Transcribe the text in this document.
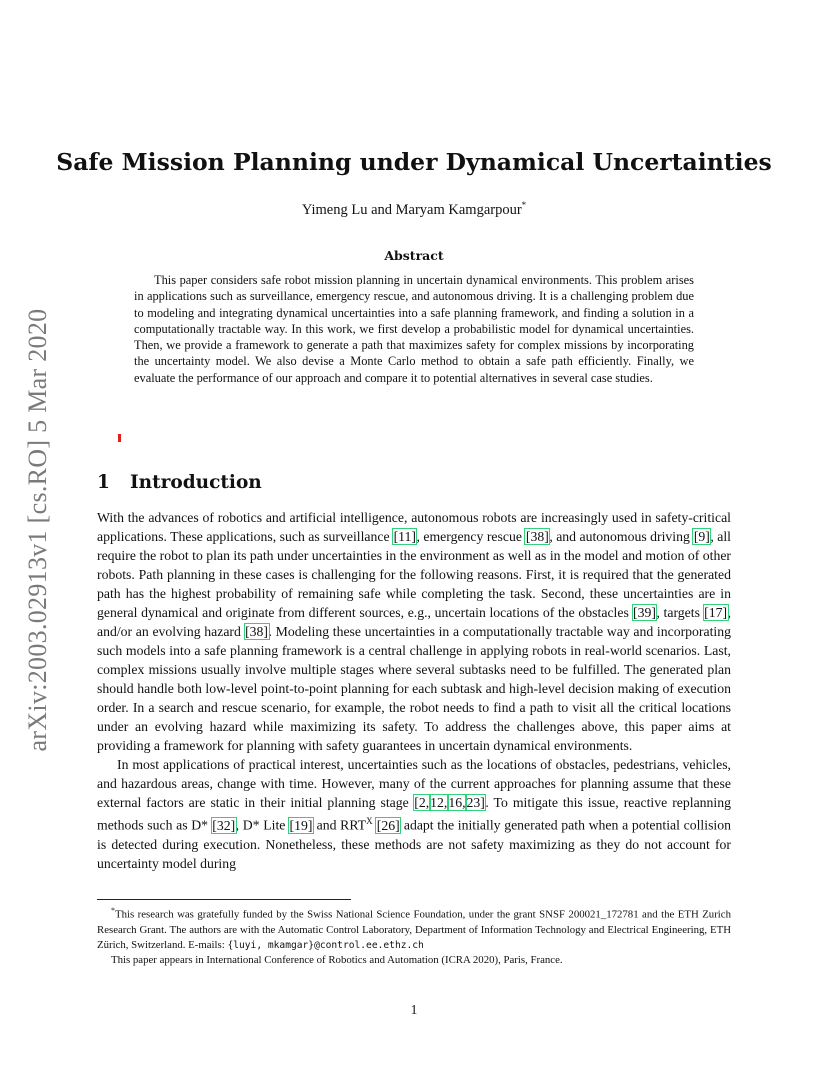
arXiv:2003.02913v1 [cs.RO] 5 Mar 2020
Safe Mission Planning under Dynamical Uncertainties
Yimeng Lu and Maryam Kamgarpour*
Abstract
This paper considers safe robot mission planning in uncertain dynamical environments. This problem arises in applications such as surveillance, emergency rescue, and autonomous driving. It is a challenging problem due to modeling and integrating dynamical uncertainties into a safe planning framework, and finding a solution in a computationally tractable way. In this work, we first develop a probabilistic model for dynamical uncertainties. Then, we provide a framework to generate a path that maximizes safety for complex missions by incorporating the uncertainty model. We also devise a Monte Carlo method to obtain a safe path efficiently. Finally, we evaluate the performance of our approach and compare it to potential alternatives in several case studies.
1 Introduction

With the advances of robotics and artificial intelligence, autonomous robots are increasingly used in safety-critical applications. These applications, such as surveillance [11], emergency rescue [38], and autonomous driving [9], all require the robot to plan its path under uncertainties in the environment as well as in the model and motion of other robots. Path planning in these cases is challenging for the following reasons. First, it is required that the generated path has the highest probability of remaining safe while completing the task. Second, these uncertainties are in general dynamical and originate from different sources, e.g., uncertain locations of the obstacles [39], targets [17], and/or an evolving hazard [38]. Modeling these uncertainties in a computationally tractable way and incorporating such models into a safe planning framework is a central challenge in applying robots in real-world scenarios. Last, complex missions usually involve multiple stages where several subtasks need to be fulfilled. The generated plan should handle both low-level point-to-point planning for each subtask and high-level decision making of execution order. In a search and rescue scenario, for example, the robot needs to find a path to visit all the critical locations under an evolving hazard while maximizing its safety. To address the challenges above, this paper aims at providing a framework for planning with safety guarantees in uncertain dynamical environments.

In most applications of practical interest, uncertainties such as the locations of obstacles, pedestrians, vehicles, and hazardous areas, change with time. However, many of the current approaches for planning assume that these external factors are static in their initial planning stage [2,12,16,23]. To mitigate this issue, reactive replanning methods such as D* [32], D* Lite [19] and $RRT^X$ [26] adapt the initially generated path when a potential collision is detected during execution. Nonetheless, these methods are not safety maximizing as they do not account for uncertainty model during

*This research was gratefully funded by the Swiss National Science Foundation, under the grant SNSF 200021_172781 and the ETH Zurich Research Grant. The authors are with the Automatic Control Laboratory, Department of Information Technology and Electrical Engineering, ETH Zürich, Switzerland. E-mails: {luyi, mkamgar}@control.ee.ethz.ch

This paper appears in International Conference of Robotics and Automation (ICRA 2020), Paris, France.

1
